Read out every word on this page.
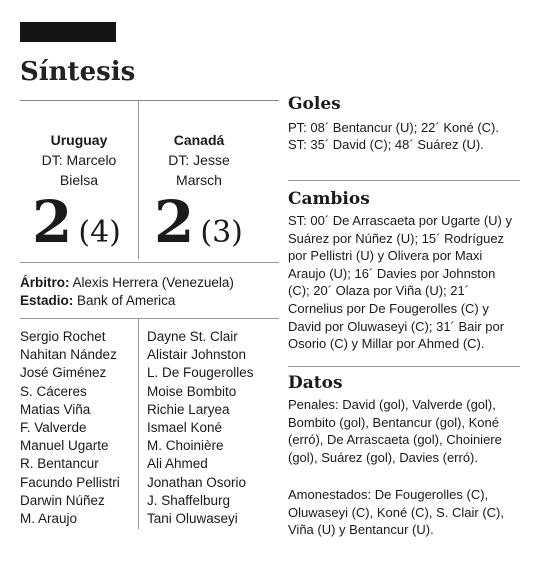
Síntesis
Uruguay
DT: Marcelo
Bielsa
Canadá
DT: Jesse
Marsch
2 (4) 2 (3)
Árbitro: Alexis Herrera (Venezuela)
Estadio: Bank of America
Sergio Rochet
Nahitan Nández
José Giménez
S. Cáceres
Matias Viña
F. Valverde
Manuel Ugarte
R. Bentancur
Facundo Pellistri
Darwin Núñez
M. Araujo
Dayne St. Clair
Alistair Johnston
L. De Fougerolles
Moise Bombito
Richie Laryea
Ismael Koné
M. Choinière
Ali Ahmed
Jonathan Osorio
J. Shaffelburg
Tani Oluwaseyi
Goles

PT: 08´ Bentancur (U); 22´ Koné (C).

ST: 35´ David (C); 48´ Suárez (U).

Cambios

ST: 00´ De Arrascaeta por Ugarte (U) y Suárez por Núñez (U); 15´ Rodríguez por Pellistri (U) y Olivera por Maxi Araujo (U); 16´ Davies por Johnston (C); 20´ Olaza por Viña (U); 21´ Cornelius por De Fougerolles (C) y David por Oluwaseyi (C); 31´ Bair por Osorio (C) y Millar por Ahmed (C).

Datos

Penales: David (gol), Valverde (gol), Bombito (gol), Bentancur (gol), Koné (erró), De Arrascaeta (gol), Choiniere (gol), Suárez (gol), Davies (erró).

Amonestados: De Fougerolles (C), Oluwaseyi (C), Koné (C), S. Clair (C), Viña (U) y Bentancur (U).
